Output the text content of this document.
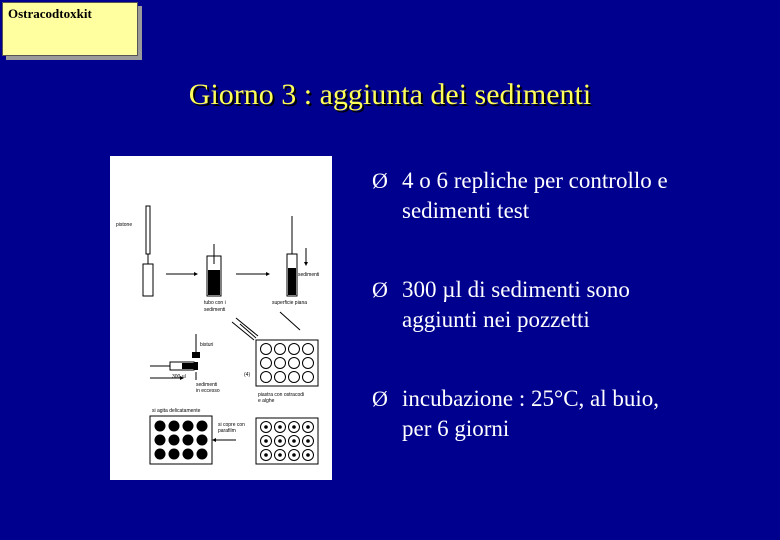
Ostracodtoxkit
Giorno 3 : aggiunta dei sedimenti
pistone
tubo con i
sedimenti
sedimenti
superficie piana
bisturi
300 µl
sedimenti
in eccesso
(4)
piastra con ostracodi
e alghe
si agita delicatamente
si copre con
parafilm
Ø 4 o 6 repliche per controllo e
sedimenti test
Ø 300 µl di sedimenti sono
aggiunti nei pozzetti
Ø incubazione : 25°C, al buio,
per 6 giorni
